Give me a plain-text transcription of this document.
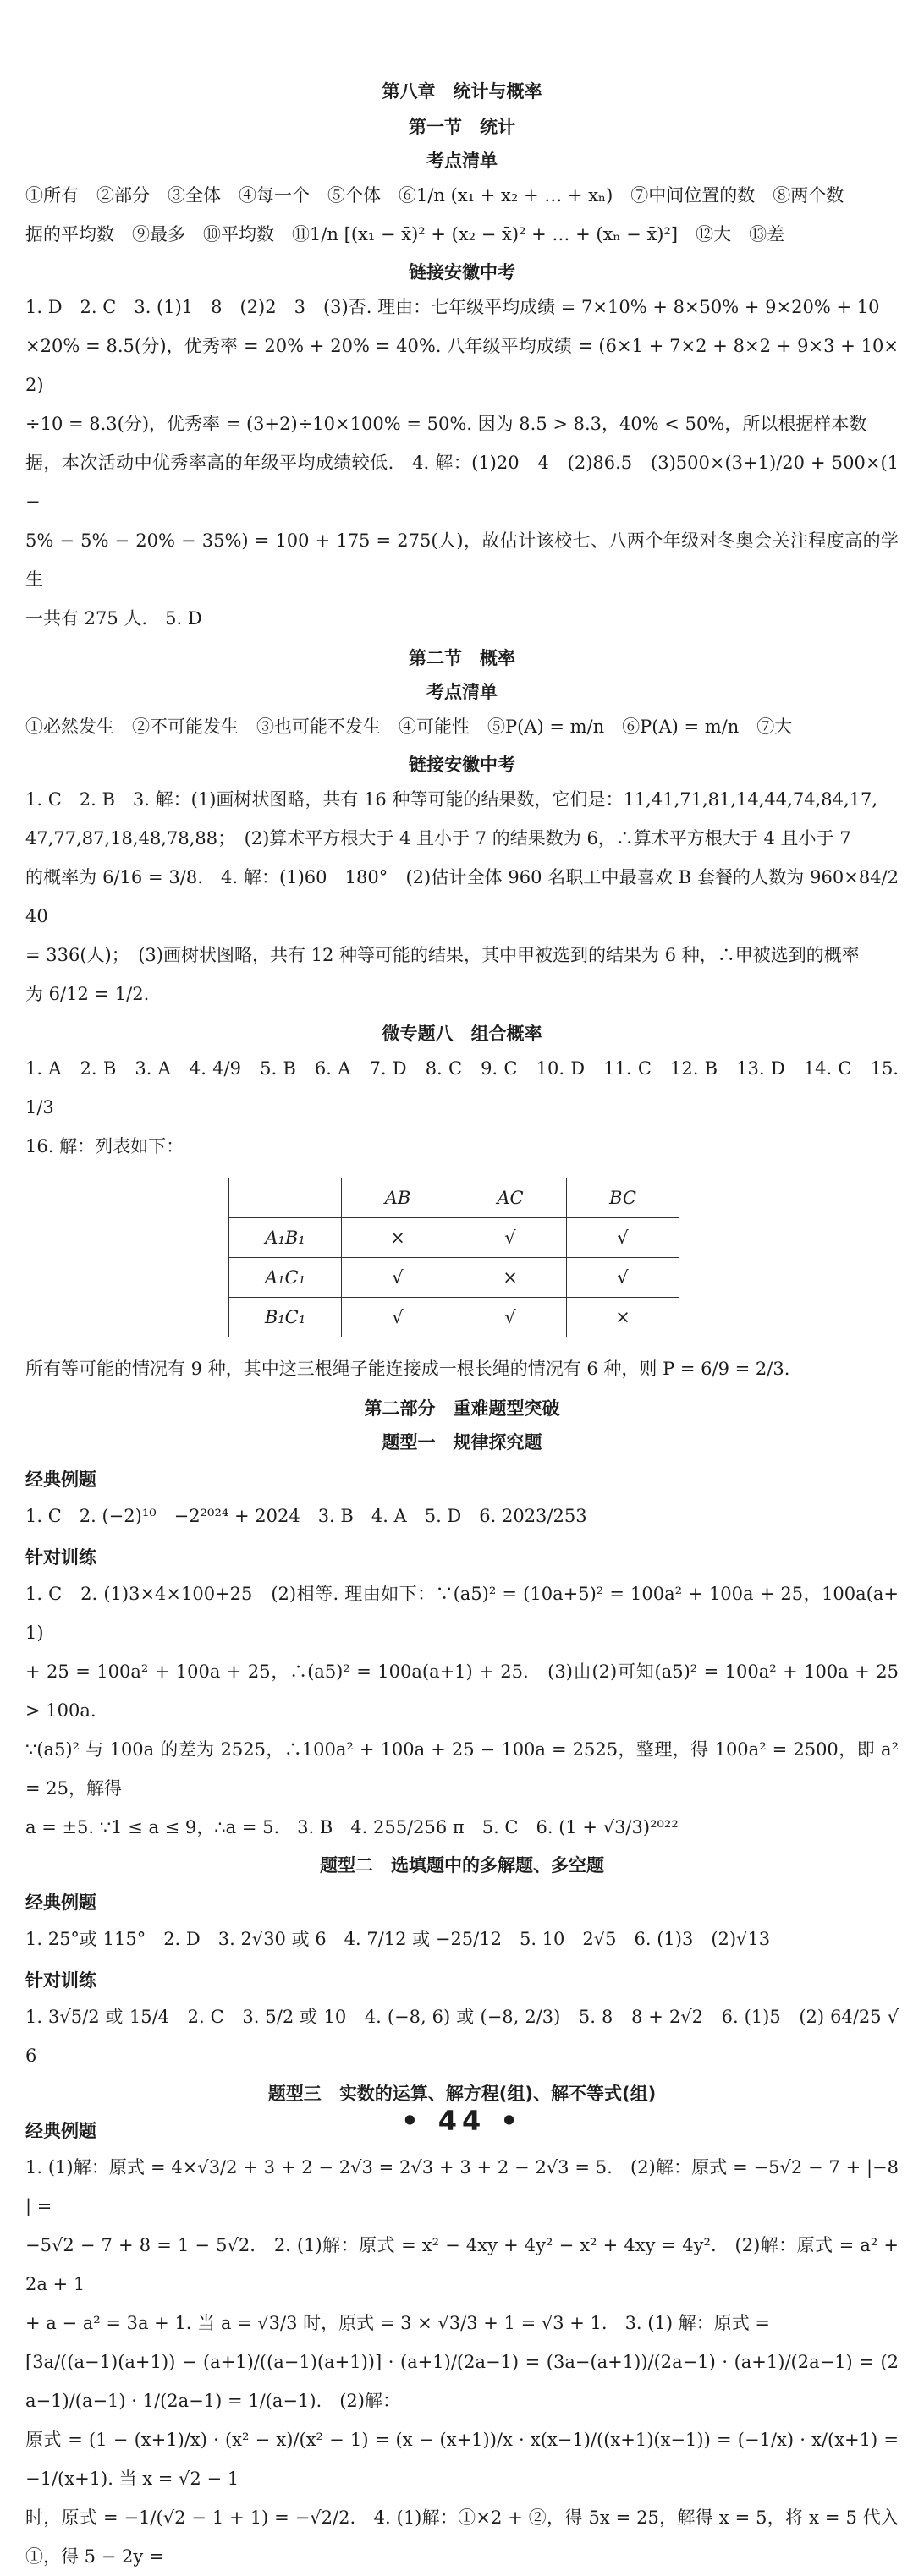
第八章　统计与概率
第一节　统计
考点清单

①所有　②部分　③全体　④每一个　⑤个体　⑥1/n (x₁ + x₂ + … + xₙ)　⑦中间位置的数　⑧两个数

据的平均数　⑨最多　⑩平均数　⑪1/n [(x₁ − x̄)² + (x₂ − x̄)² + … + (xₙ − x̄)²]　⑫大　⑬差

链接安徽中考

1. D　2. C　3. (1)1　8　(2)2　3　(3)否. 理由：七年级平均成绩 = 7×10% + 8×50% + 9×20% + 10

×20% = 8.5(分)，优秀率 = 20% + 20% = 40%. 八年级平均成绩 = (6×1 + 7×2 + 8×2 + 9×3 + 10×2)

÷10 = 8.3(分)，优秀率 = (3+2)÷10×100% = 50%. 因为 8.5 > 8.3，40% < 50%，所以根据样本数

据，本次活动中优秀率高的年级平均成绩较低.　4. 解：(1)20　4　(2)86.5　(3)500×(3+1)/20 + 500×(1−

5% − 5% − 20% − 35%) = 100 + 175 = 275(人)，故估计该校七、八两个年级对冬奥会关注程度高的学生

一共有 275 人.　5. D

第二节　概率
考点清单

①必然发生　②不可能发生　③也可能不发生　④可能性　⑤P(A) = m/n　⑥P(A) = m/n　⑦大

链接安徽中考

1. C　2. B　3. 解：(1)画树状图略，共有 16 种等可能的结果数，它们是：11,41,71,81,14,44,74,84,17,

47,77,87,18,48,78,88；　(2)算术平方根大于 4 且小于 7 的结果数为 6，∴算术平方根大于 4 且小于 7

的概率为 6/16 = 3/8.　4. 解：(1)60　180°　(2)估计全体 960 名职工中最喜欢 B 套餐的人数为 960×84/240

= 336(人)；　(3)画树状图略，共有 12 种等可能的结果，其中甲被选到的结果为 6 种，∴甲被选到的概率

为 6/12 = 1/2.

微专题八　组合概率

1. A　2. B　3. A　4. 4/9　5. B　6. A　7. D　8. C　9. C　10. D　11. C　12. B　13. D　14. C　15. 1/3

16. 解：列表如下：

	AB	AC	BC
A₁B₁	×	√	√
A₁C₁	√	×	√
B₁C₁	√	√	×

所有等可能的情况有 9 种，其中这三根绳子能连接成一根长绳的情况有 6 种，则 P = 6/9 = 2/3.

第二部分　重难题型突破
题型一　规律探究题
经典例题

1. C　2. (−2)¹⁰　−2²⁰²⁴ + 2024　3. B　4. A　5. D　6. 2023/253

针对训练

1. C　2. (1)3×4×100+25　(2)相等. 理由如下：∵(a5)² = (10a+5)² = 100a² + 100a + 25，100a(a+1)

+ 25 = 100a² + 100a + 25，∴(a5)² = 100a(a+1) + 25.　(3)由(2)可知(a5)² = 100a² + 100a + 25 > 100a.

∵(a5)² 与 100a 的差为 2525，∴100a² + 100a + 25 − 100a = 2525，整理，得 100a² = 2500，即 a² = 25，解得

a = ±5. ∵1 ≤ a ≤ 9，∴a = 5.　3. B　4. 255/256 π　5. C　6. (1 + √3/3)²⁰²²

题型二　选填题中的多解题、多空题
经典例题

1. 25°或 115°　2. D　3. 2√30 或 6　4. 7/12 或 −25/12　5. 10　2√5　6. (1)3　(2)√13

针对训练

1. 3√5/2 或 15/4　2. C　3. 5/2 或 10　4. (−8, 6) 或 (−8, 2/3)　5. 8　8 + 2√2　6. (1)5　(2) 64/25 √6

题型三　实数的运算、解方程(组)、解不等式(组)
经典例题

1. (1)解：原式 = 4×√3/2 + 3 + 2 − 2√3 = 2√3 + 3 + 2 − 2√3 = 5.　(2)解：原式 = −5√2 − 7 + |−8| =

−5√2 − 7 + 8 = 1 − 5√2.　2. (1)解：原式 = x² − 4xy + 4y² − x² + 4xy = 4y².　(2)解：原式 = a² + 2a + 1

+ a − a² = 3a + 1. 当 a = √3/3 时，原式 = 3 × √3/3 + 1 = √3 + 1.　3. (1) 解：原式 =

[3a/((a−1)(a+1)) − (a+1)/((a−1)(a+1))] · (a+1)/(2a−1) = (3a−(a+1))/(2a−1) · (a+1)/(2a−1) = (2a−1)/(a−1) · 1/(2a−1) = 1/(a−1).　(2)解：

原式 = (1 − (x+1)/x) · (x² − x)/(x² − 1) = (x − (x+1))/x · x(x−1)/((x+1)(x−1)) = (−1/x) · x/(x+1) = −1/(x+1). 当 x = √2 − 1

时，原式 = −1/(√2 − 1 + 1) = −√2/2.　4. (1)解：①×2 + ②，得 5x = 25，解得 x = 5，将 x = 5 代入①，得 5 − 2y =

• 44 •
